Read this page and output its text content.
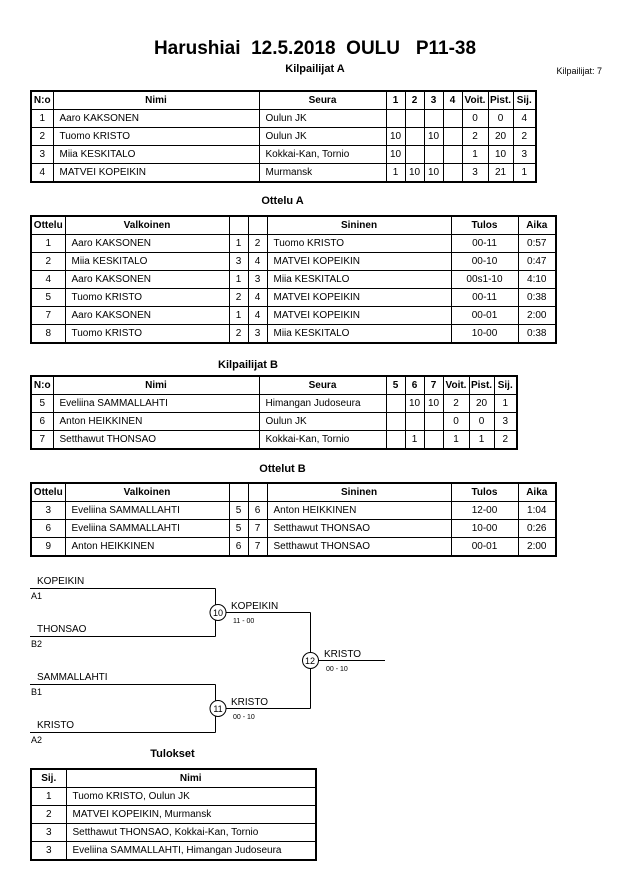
Harushiai  12.5.2018  OULU   P11-38
Kilpailijat A	Kilpailijat: 7
N:o	Nimi	Seura	1	2	3	4	Voit.	Pist.	Sij.
1	Aaro KAKSONEN	Oulun JK					0	0	4
2	Tuomo KRISTO	Oulun JK	10		10		2	20	2
3	Miia KESKITALO	Kokkai-Kan, Tornio	10				1	10	3
4	MATVEI KOPEIKIN	Murmansk	1	10	10		3	21	1
Ottelu A
Ottelu	Valkoinen			Sininen	Tulos	Aika
1	Aaro KAKSONEN	1	2	Tuomo KRISTO	00-11	0:57
2	Miia KESKITALO	3	4	MATVEI KOPEIKIN	00-10	0:47
4	Aaro KAKSONEN	1	3	Miia KESKITALO	00s1-10	4:10
5	Tuomo KRISTO	2	4	MATVEI KOPEIKIN	00-11	0:38
7	Aaro KAKSONEN	1	4	MATVEI KOPEIKIN	00-01	2:00
8	Tuomo KRISTO	2	3	Miia KESKITALO	10-00	0:38
Kilpailijat B
N:o	Nimi	Seura	5	6	7	Voit.	Pist.	Sij.
5	Eveliina SAMMALLAHTI	Himangan Judoseura		10	10	2	20	1
6	Anton HEIKKINEN	Oulun JK				0	0	3
7	Setthawut THONSAO	Kokkai-Kan, Tornio		1		1	1	2
Ottelut B
Ottelu	Valkoinen			Sininen	Tulos	Aika
3	Eveliina SAMMALLAHTI	5	6	Anton HEIKKINEN	12-00	1:04
6	Eveliina SAMMALLAHTI	5	7	Setthawut THONSAO	10-00	0:26
9	Anton HEIKKINEN	6	7	Setthawut THONSAO	00-01	2:00
KOPEIKIN
A1
THONSAO
B2
SAMMALLAHTI
B1
KRISTO
A2
10
KOPEIKIN
11 - 00
11
KRISTO
00 - 10
12
KRISTO
00 - 10
Tulokset
Sij.	Nimi
1	Tuomo KRISTO, Oulun JK
2	MATVEI KOPEIKIN, Murmansk
3	Setthawut THONSAO, Kokkai-Kan, Tornio
3	Eveliina SAMMALLAHTI, Himangan Judoseura
